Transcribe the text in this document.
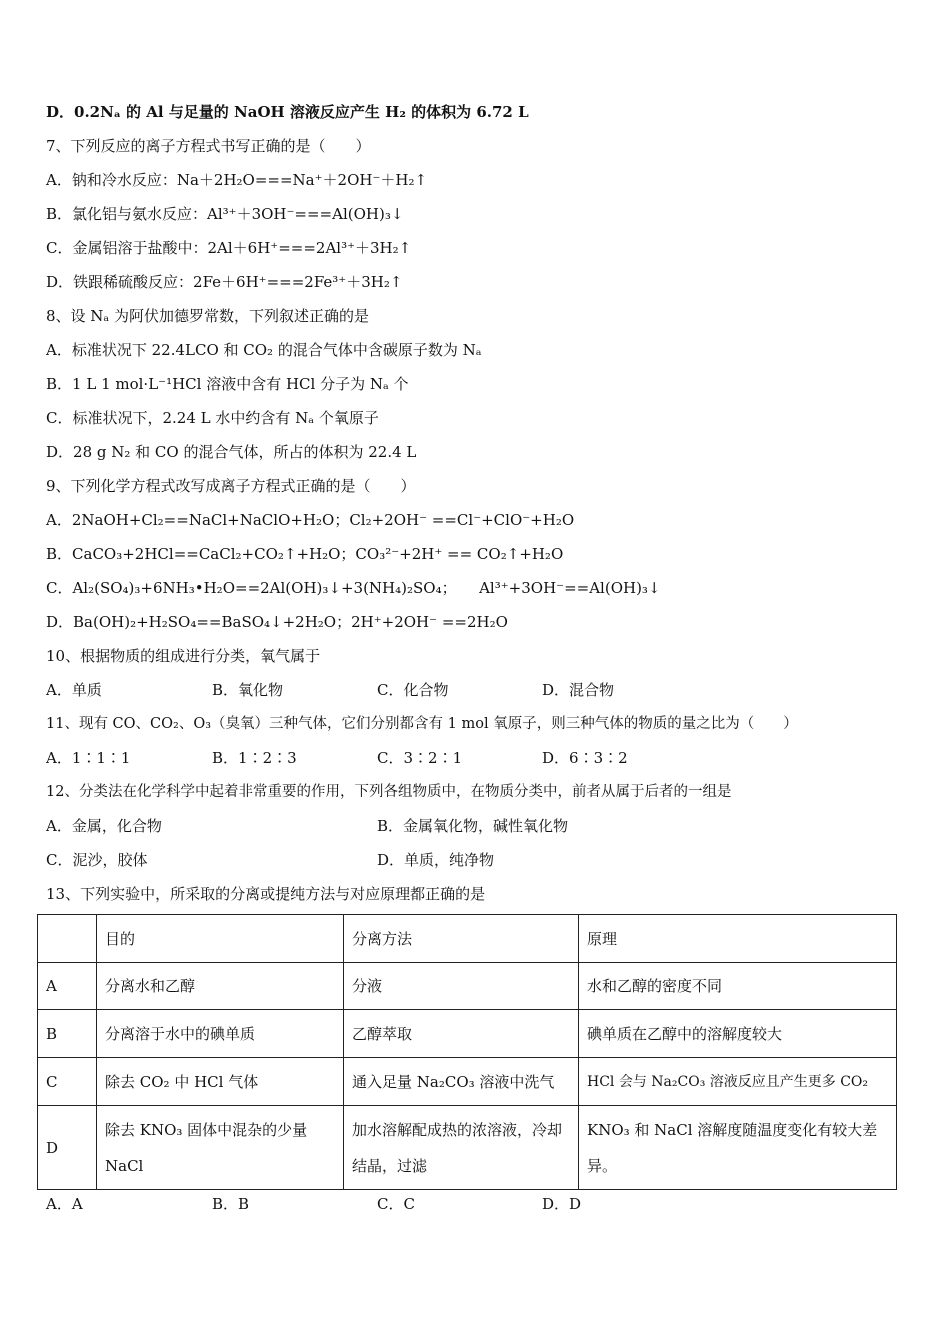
D．0.2Nₐ 的 Al 与足量的 NaOH 溶液反应产生 H₂ 的体积为 6.72 L
7、下列反应的离子方程式书写正确的是（　　）
A．钠和冷水反应：Na＋2H₂O===Na⁺＋2OH⁻＋H₂↑
B．氯化铝与氨水反应：Al³⁺＋3OH⁻===Al(OH)₃↓
C．金属铝溶于盐酸中：2Al＋6H⁺===2Al³⁺＋3H₂↑
D．铁跟稀硫酸反应：2Fe＋6H⁺===2Fe³⁺＋3H₂↑
8、设 Nₐ 为阿伏加德罗常数，下列叙述正确的是
A．标准状况下 22.4LCO 和 CO₂ 的混合气体中含碳原子数为 Nₐ
B．1 L 1 mol·L⁻¹HCl 溶液中含有 HCl 分子为 Nₐ 个
C．标准状况下，2.24 L 水中约含有 Nₐ 个氧原子
D．28 g N₂ 和 CO 的混合气体，所占的体积为 22.4 L
9、下列化学方程式改写成离子方程式正确的是（　　）
A．2NaOH+Cl₂==NaCl+NaClO+H₂O；Cl₂+2OH⁻ ==Cl⁻+ClO⁻+H₂O
B．CaCO₃+2HCl==CaCl₂+CO₂↑+H₂O；CO₃²⁻+2H⁺ == CO₂↑+H₂O
C．Al₂(SO₄)₃+6NH₃•H₂O==2Al(OH)₃↓+3(NH₄)₂SO₄；　　Al³⁺+3OH⁻==Al(OH)₃↓
D．Ba(OH)₂+H₂SO₄==BaSO₄↓+2H₂O；2H⁺+2OH⁻ ==2H₂O
10、根据物质的组成进行分类，氧气属于
A．单质	B．氧化物	C．化合物	D．混合物
11、现有 CO、CO₂、O₃（臭氧）三种气体，它们分别都含有 1 mol 氧原子，则三种气体的物质的量之比为（　　）
A．1∶1∶1	B．1∶2∶3	C．3∶2∶1	D．6∶3∶2
12、分类法在化学科学中起着非常重要的作用，下列各组物质中，在物质分类中，前者从属于后者的一组是
A．金属，化合物	B．金属氧化物，碱性氧化物
C．泥沙，胶体	D．单质，纯净物
13、下列实验中，所采取的分离或提纯方法与对应原理都正确的是
	目的	分离方法	原理
A	分离水和乙醇	分液	水和乙醇的密度不同
B	分离溶于水中的碘单质	乙醇萃取	碘单质在乙醇中的溶解度较大
C	除去 CO₂ 中 HCl 气体	通入足量 Na₂CO₃ 溶液中洗气	HCl 会与 Na₂CO₃ 溶液反应且产生更多 CO₂
D	除去 KNO₃ 固体中混杂的少量 NaCl	加水溶解配成热的浓溶液，冷却结晶，过滤	KNO₃ 和 NaCl 溶解度随温度变化有较大差异。
A．A	B．B	C．C	D．D
